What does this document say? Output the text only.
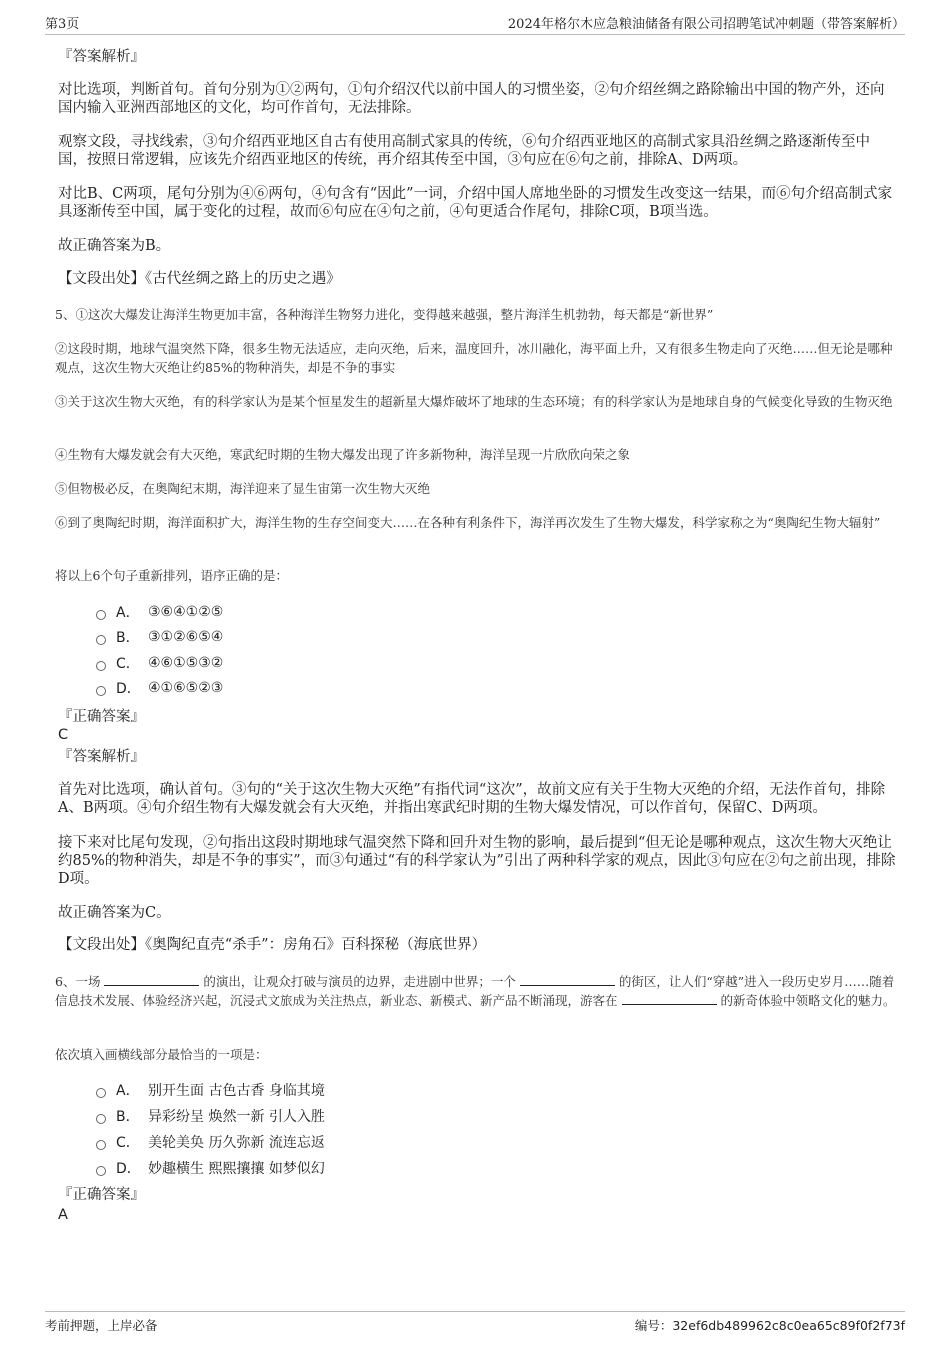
第3页	2024年格尔木应急粮油储备有限公司招聘笔试冲刺题（带答案解析）
『答案解析』
对比选项，判断首句。首句分别为①②两句，①句介绍汉代以前中国人的习惯坐姿，②句介绍丝绸之路除输出中国的物产外，还向国内输入亚洲西部地区的文化，均可作首句，无法排除。
观察文段，寻找线索，③句介绍西亚地区自古有使用高制式家具的传统，⑥句介绍西亚地区的高制式家具沿丝绸之路逐渐传至中国，按照日常逻辑，应该先介绍西亚地区的传统，再介绍其传至中国，③句应在⑥句之前，排除A、D两项。
对比B、C两项，尾句分别为④⑥两句，④句含有“因此”一词，介绍中国人席地坐卧的习惯发生改变这一结果，而⑥句介绍高制式家具逐渐传至中国，属于变化的过程，故而⑥句应在④句之前，④句更适合作尾句，排除C项，B项当选。
故正确答案为B。
【文段出处】《古代丝绸之路上的历史之遇》
5、①这次大爆发让海洋生物更加丰富，各种海洋生物努力进化，变得越来越强，整片海洋生机勃勃，每天都是“新世界”
②这段时期，地球气温突然下降，很多生物无法适应，走向灭绝，后来，温度回升，冰川融化，海平面上升，又有很多生物走向了灭绝……但无论是哪种观点，这次生物大灭绝让约85%的物种消失，却是不争的事实
③关于这次生物大灭绝，有的科学家认为是某个恒星发生的超新星大爆炸破坏了地球的生态环境；有的科学家认为是地球自身的气候变化导致的生物灭绝
④生物有大爆发就会有大灭绝，寒武纪时期的生物大爆发出现了许多新物种，海洋呈现一片欣欣向荣之象
⑤但物极必反，在奥陶纪末期，海洋迎来了显生宙第一次生物大灭绝
⑥到了奥陶纪时期，海洋面积扩大，海洋生物的生存空间变大……在各种有利条件下，海洋再次发生了生物大爆发，科学家称之为“奥陶纪生物大辐射”
将以上6个句子重新排列，语序正确的是：
A． ③⑥④①②⑤
B． ③①②⑥⑤④
C． ④⑥①⑤③②
D． ④①⑥⑤②③
『正确答案』
C
『答案解析』
首先对比选项，确认首句。③句的“关于这次生物大灭绝”有指代词“这次”，故前文应有关于生物大灭绝的介绍，无法作首句，排除A、B两项。④句介绍生物有大爆发就会有大灭绝，并指出寒武纪时期的生物大爆发情况，可以作首句，保留C、D两项。
接下来对比尾句发现，②句指出这段时期地球气温突然下降和回升对生物的影响，最后提到“但无论是哪种观点，这次生物大灭绝让约85%的物种消失，却是不争的事实”，而③句通过“有的科学家认为”引出了两种科学家的观点，因此③句应在②句之前出现，排除D项。
故正确答案为C。
【文段出处】《奥陶纪直壳“杀手”：房角石》百科探秘（海底世界）
6、一场	的演出，让观众打破与演员的边界，走进剧中世界；一个	的街区，让人们“穿越”进入一段历史岁月……随着信息技术发展、体验经济兴起，沉浸式文旅成为关注热点，新业态、新模式、新产品不断涌现，游客在	的新奇体验中领略文化的魅力。
依次填入画横线部分最恰当的一项是：
A． 别开生面 古色古香 身临其境
B． 异彩纷呈 焕然一新 引人入胜
C． 美轮美奂 历久弥新 流连忘返
D． 妙趣横生 熙熙攘攘 如梦似幻
『正确答案』
A
考前押题，上岸必备	编号：32ef6db489962c8c0ea65c89f0f2f73f
